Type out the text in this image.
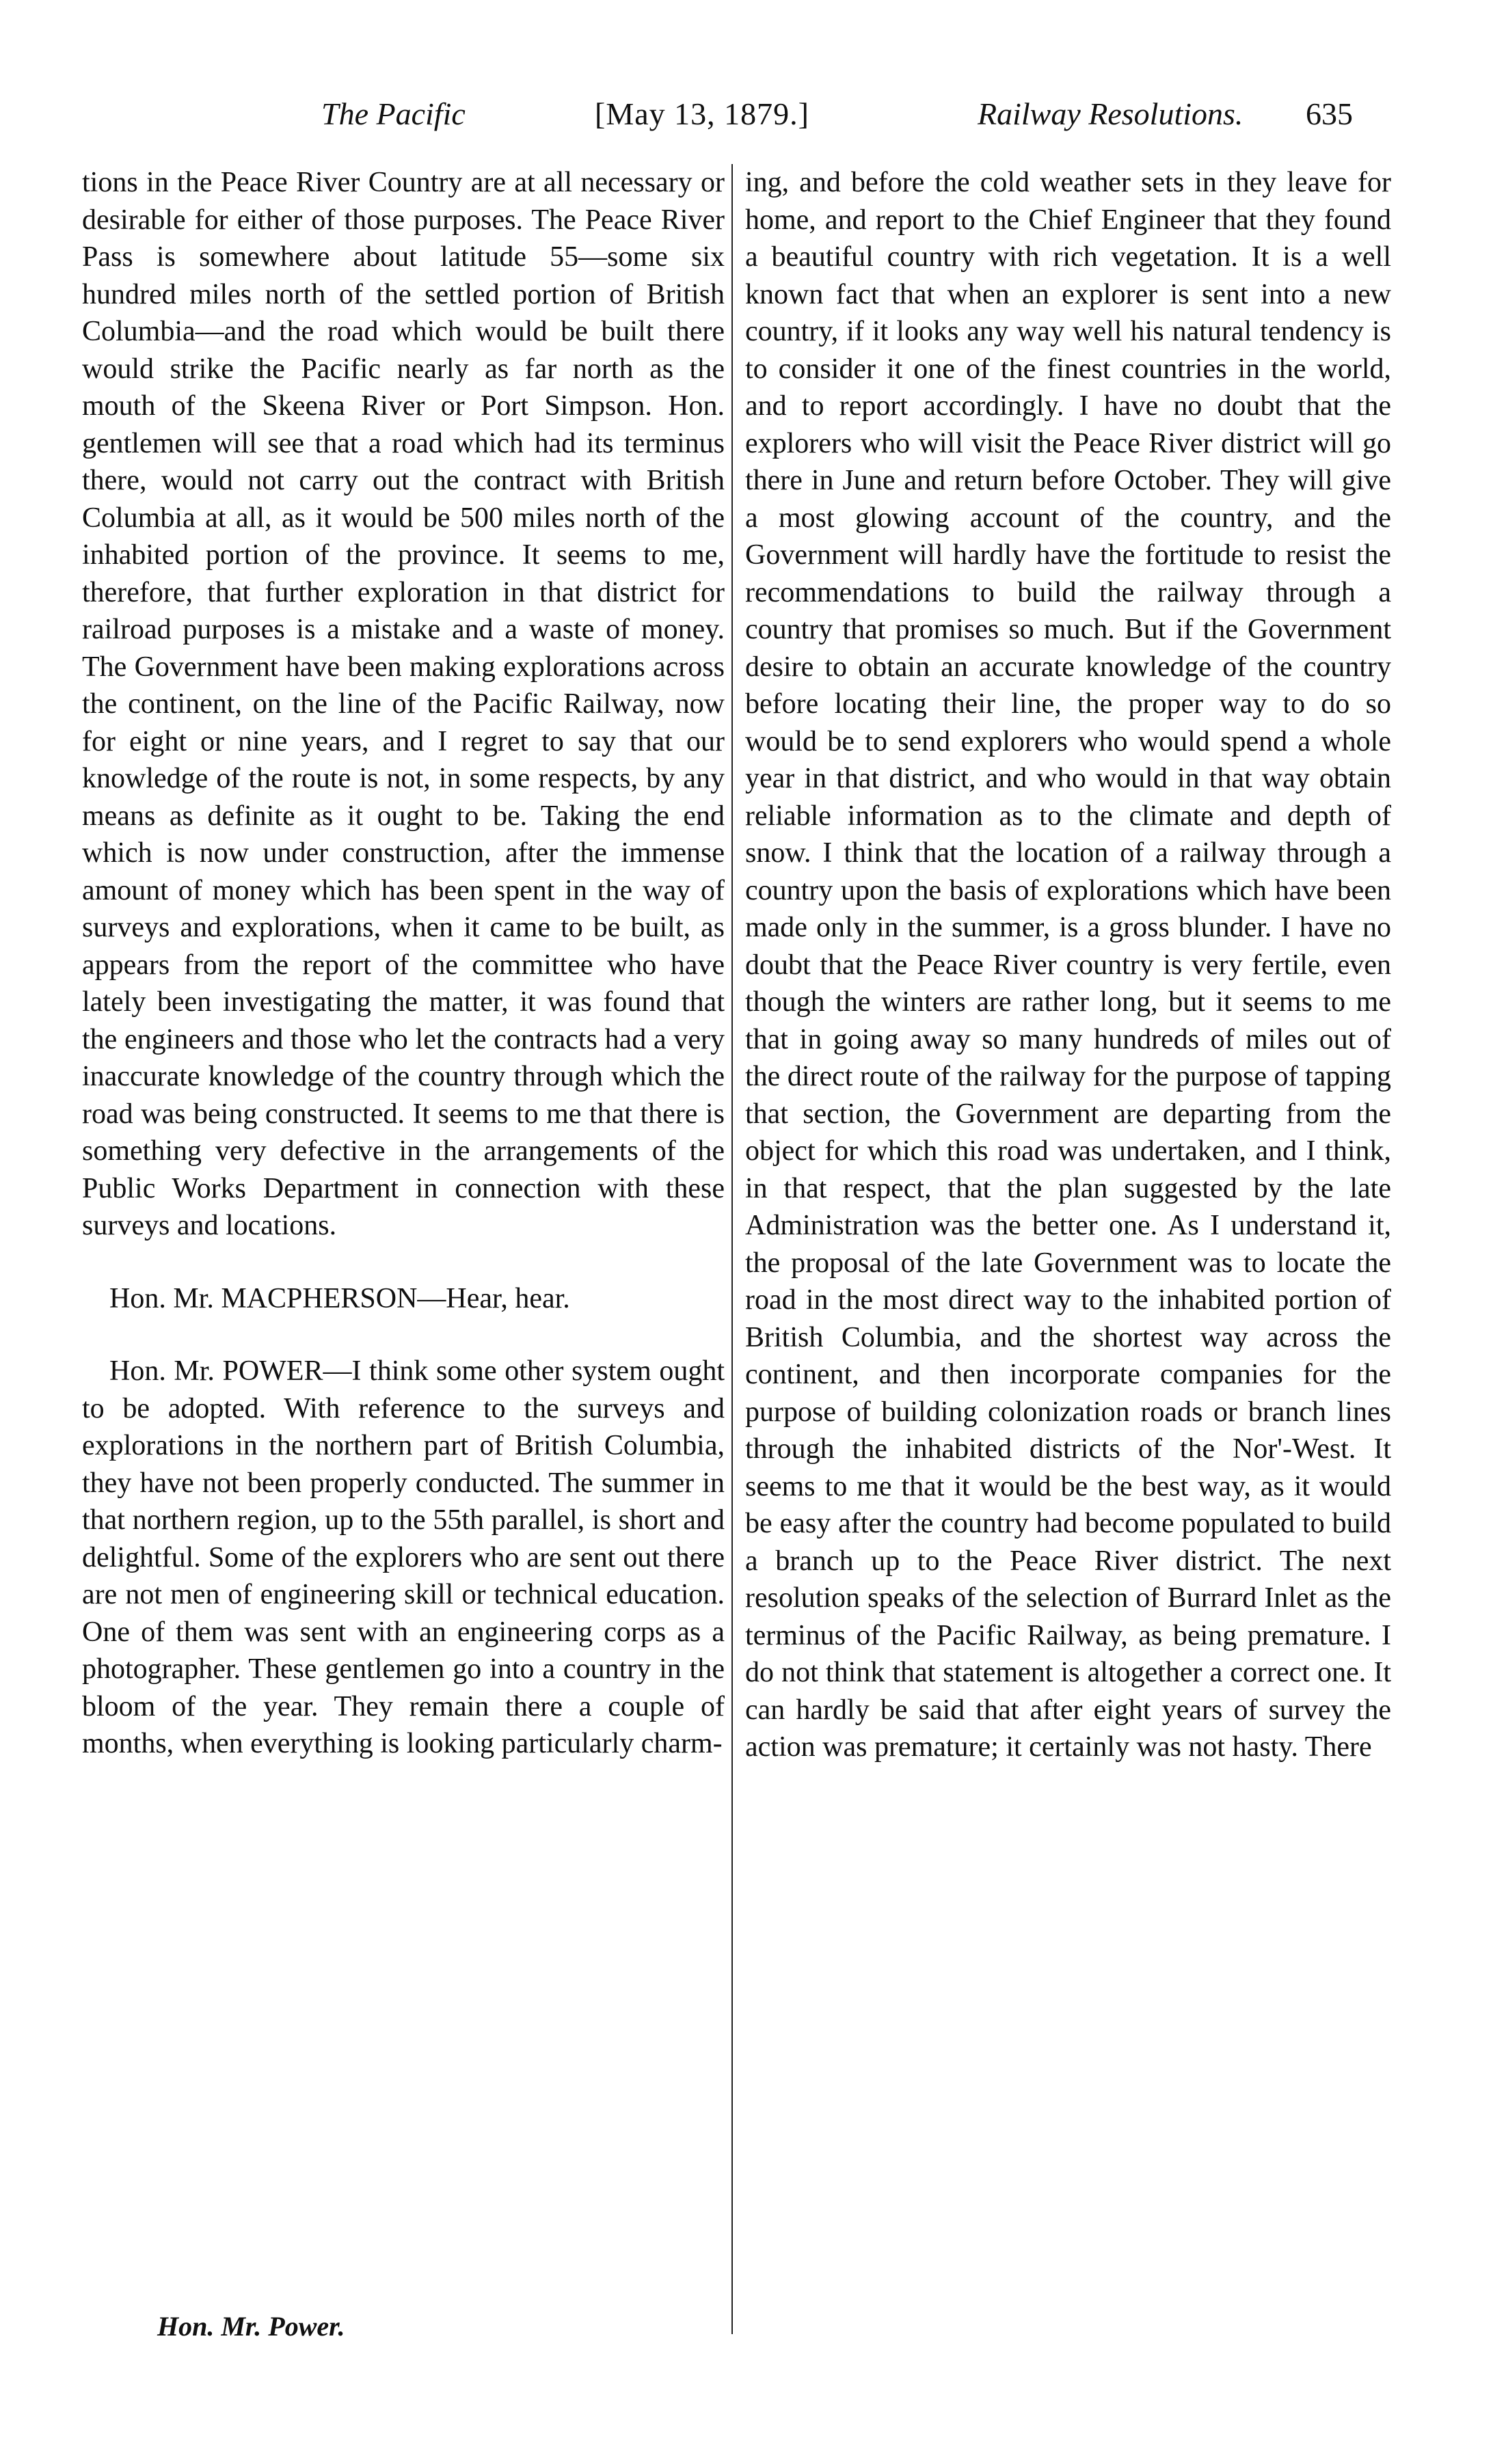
The Pacific	[May 13, 1879.]	Railway Resolutions. 635

tions in the Peace River Country are at all necessary or desirable for either of those purposes. The Peace River Pass is somewhere about latitude 55—some six hundred miles north of the settled portion of British Columbia—and the road which would be built there would strike the Pacific nearly as far north as the mouth of the Skeena River or Port Simpson. Hon. gentlemen will see that a road which had its terminus there, would not carry out the contract with British Columbia at all, as it would be 500 miles north of the inhabited portion of the province. It seems to me, therefore, that further exploration in that district for railroad purposes is a mistake and a waste of money. The Government have been making explorations across the continent, on the line of the Pacific Railway, now for eight or nine years, and I regret to say that our knowledge of the route is not, in some respects, by any means as definite as it ought to be. Taking the end which is now under construction, after the immense amount of money which has been spent in the way of surveys and explorations, when it came to be built, as appears from the report of the committee who have lately been investigating the matter, it was found that the engineers and those who let the contracts had a very inaccurate knowledge of the country through which the road was being constructed. It seems to me that there is something very defective in the arrangements of the Public Works Department in connection with these surveys and locations.

Hon. Mr. MACPHERSON—Hear, hear.

Hon. Mr. POWER—I think some other system ought to be adopted. With reference to the surveys and explorations in the northern part of British Columbia, they have not been properly conducted. The summer in that northern region, up to the 55th parallel, is short and delightful. Some of the explorers who are sent out there are not men of engineering skill or technical education. One of them was sent with an engineering corps as a photographer. These gentlemen go into a country in the bloom of the year. They remain there a couple of months, when everything is looking particularly charm-

ing, and before the cold weather sets in they leave for home, and report to the Chief Engineer that they found a beautiful country with rich vegetation. It is a well known fact that when an explorer is sent into a new country, if it looks any way well his natural tendency is to consider it one of the finest countries in the world, and to report accordingly. I have no doubt that the explorers who will visit the Peace River district will go there in June and return before October. They will give a most glowing account of the country, and the Government will hardly have the fortitude to resist the recommendations to build the railway through a country that promises so much. But if the Government desire to obtain an accurate knowledge of the country before locating their line, the proper way to do so would be to send explorers who would spend a whole year in that district, and who would in that way obtain reliable information as to the climate and depth of snow. I think that the location of a railway through a country upon the basis of explorations which have been made only in the summer, is a gross blunder. I have no doubt that the Peace River country is very fertile, even though the winters are rather long, but it seems to me that in going away so many hundreds of miles out of the direct route of the railway for the purpose of tapping that section, the Government are departing from the object for which this road was undertaken, and I think, in that respect, that the plan suggested by the late Administration was the better one. As I understand it, the proposal of the late Government was to locate the road in the most direct way to the inhabited portion of British Columbia, and the shortest way across the continent, and then incorporate companies for the purpose of building colonization roads or branch lines through the inhabited districts of the Nor'-West. It seems to me that it would be the best way, as it would be easy after the country had become populated to build a branch up to the Peace River district. The next resolution speaks of the selection of Burrard Inlet as the terminus of the Pacific Railway, as being premature. I do not think that statement is altogether a correct one. It can hardly be said that after eight years of survey the action was premature; it certainly was not hasty. There

Hon. Mr. Power.
